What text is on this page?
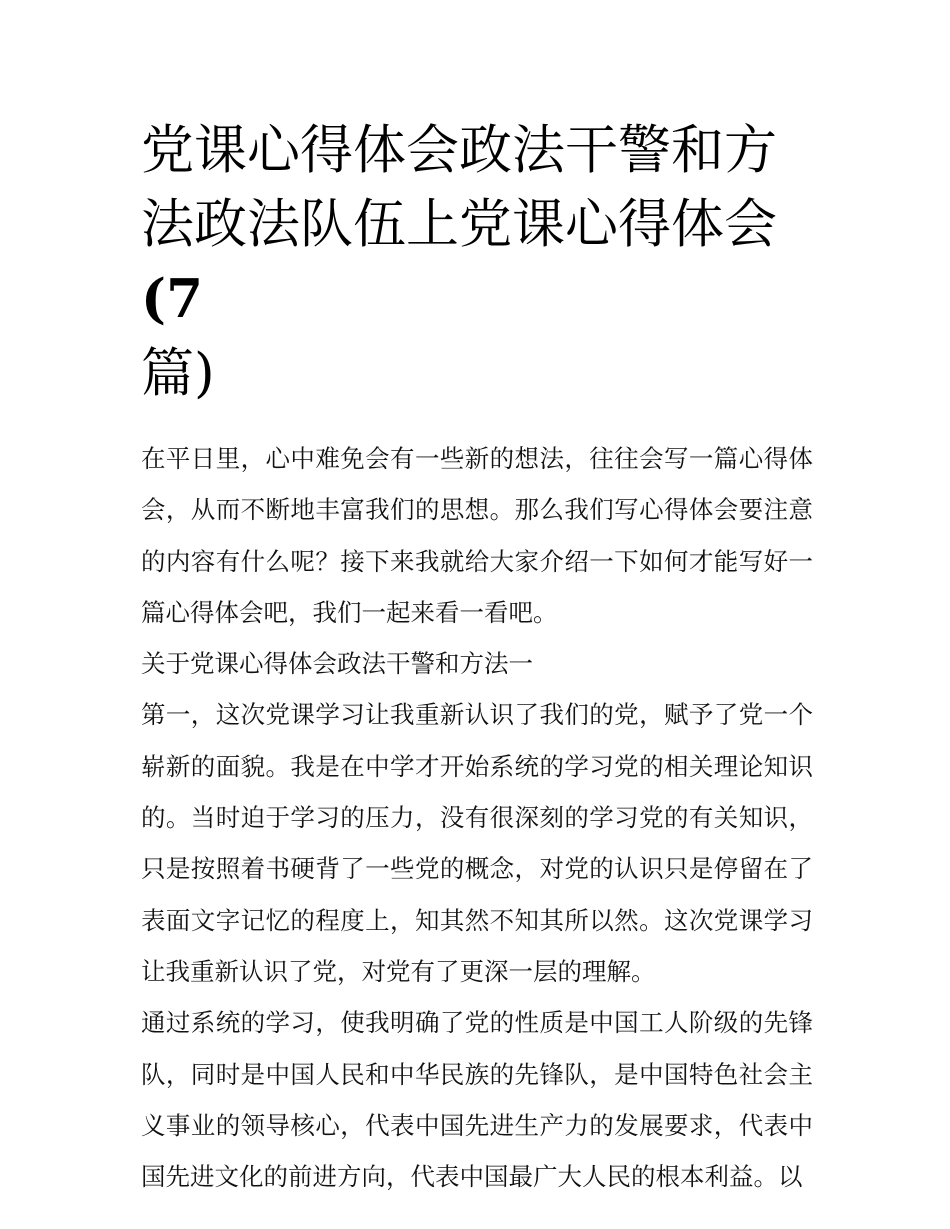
党课心得体会政法干警和方法政法队伍上党课心得体会(7
篇)

在平日里，心中难免会有一些新的想法，往往会写一篇心得体会，从而不断地丰富我们的思想。那么我们写心得体会要注意的内容有什么呢？接下来我就给大家介绍一下如何才能写好一篇心得体会吧，我们一起来看一看吧。

关于党课心得体会政法干警和方法一

第一，这次党课学习让我重新认识了我们的党，赋予了党一个崭新的面貌。我是在中学才开始系统的学习党的相关理论知识的。当时迫于学习的压力，没有很深刻的学习党的有关知识，只是按照着书硬背了一些党的概念，对党的认识只是停留在了表面文字记忆的程度上，知其然不知其所以然。这次党课学习让我重新认识了党，对党有了更深一层的理解。

通过系统的学习，使我明确了党的性质是中国工人阶级的先锋队，同时是中国人民和中华民族的先锋队，是中国特色社会主义事业的领导核心，代表中国先进生产力的发展要求，代表中国先进文化的前进方向，代表中国最广大人民的根本利益。以
